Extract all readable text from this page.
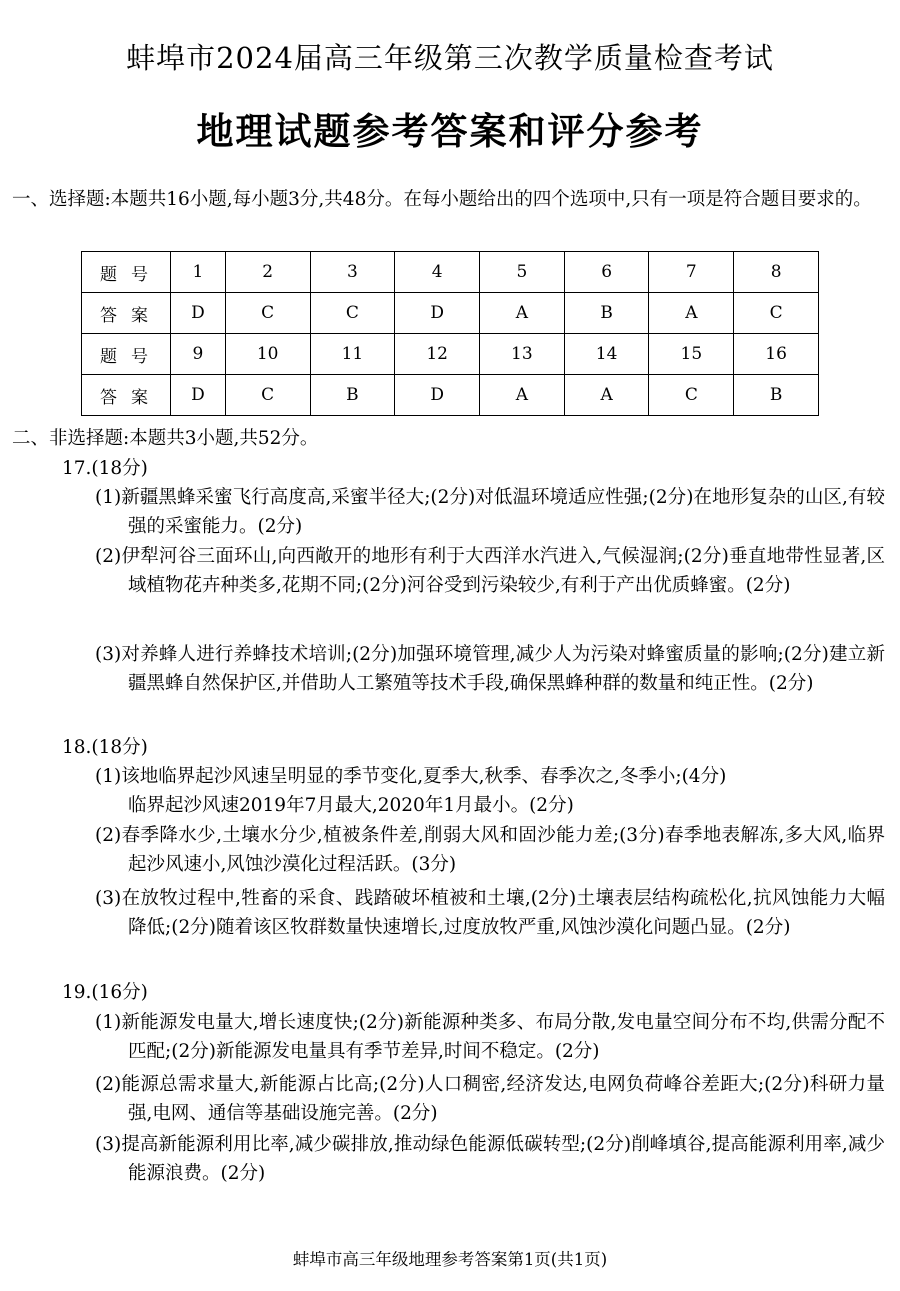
蚌埠市2024届高三年级第三次教学质量检查考试
地理试题参考答案和评分参考
一、选择题:本题共16小题,每小题3分,共48分。在每小题给出的四个选项中,只有一项是符合题目要求的。
题号	1	2	3	4	5	6	7	8
答案	D	C	C	D	A	B	A	C
题号	9	10	11	12	13	14	15	16
答案	D	C	B	D	A	A	C	B
二、非选择题:本题共3小题,共52分。
17.(18分)
(1)新疆黑蜂采蜜飞行高度高,采蜜半径大;(2分)对低温环境适应性强;(2分)在地形复杂的山区,有较强的采蜜能力。(2分)
(2)伊犁河谷三面环山,向西敞开的地形有利于大西洋水汽进入,气候湿润;(2分)垂直地带性显著,区域植物花卉种类多,花期不同;(2分)河谷受到污染较少,有利于产出优质蜂蜜。(2分)
(3)对养蜂人进行养蜂技术培训;(2分)加强环境管理,减少人为污染对蜂蜜质量的影响;(2分)建立新疆黑蜂自然保护区,并借助人工繁殖等技术手段,确保黑蜂种群的数量和纯正性。(2分)
18.(18分)
(1)该地临界起沙风速呈明显的季节变化,夏季大,秋季、春季次之,冬季小;(4分)
临界起沙风速2019年7月最大,2020年1月最小。(2分)
(2)春季降水少,土壤水分少,植被条件差,削弱大风和固沙能力差;(3分)春季地表解冻,多大风,临界起沙风速小,风蚀沙漠化过程活跃。(3分)
(3)在放牧过程中,牲畜的采食、践踏破坏植被和土壤,(2分)土壤表层结构疏松化,抗风蚀能力大幅降低;(2分)随着该区牧群数量快速增长,过度放牧严重,风蚀沙漠化问题凸显。(2分)
19.(16分)
(1)新能源发电量大,增长速度快;(2分)新能源种类多、布局分散,发电量空间分布不均,供需分配不匹配;(2分)新能源发电量具有季节差异,时间不稳定。(2分)
(2)能源总需求量大,新能源占比高;(2分)人口稠密,经济发达,电网负荷峰谷差距大;(2分)科研力量强,电网、通信等基础设施完善。(2分)
(3)提高新能源利用比率,减少碳排放,推动绿色能源低碳转型;(2分)削峰填谷,提高能源利用率,减少能源浪费。(2分)
蚌埠市高三年级地理参考答案第1页(共1页)
